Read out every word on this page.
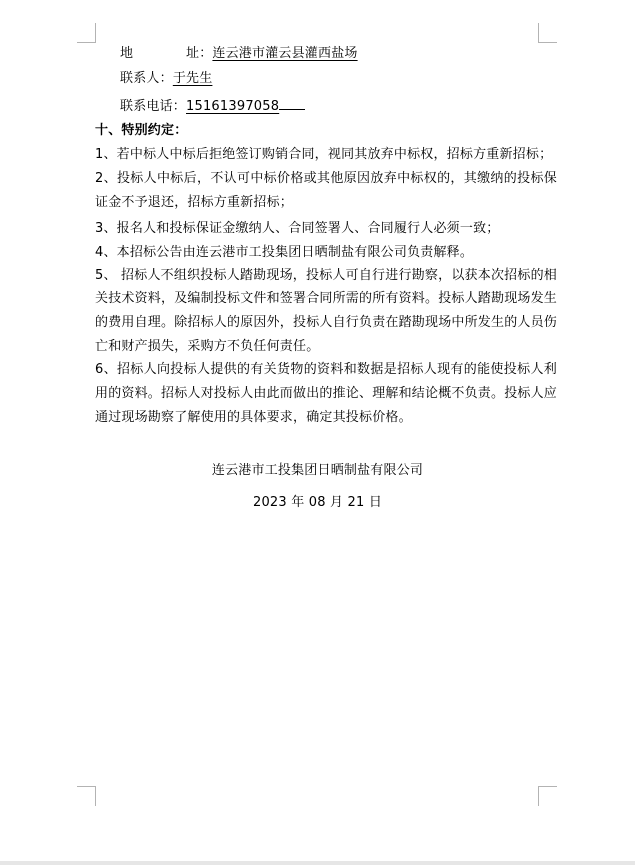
地　　　　址：连云港市灌云县灌西盐场
联系人：于先生
联系电话：15161397058
十、特别约定：
1、若中标人中标后拒绝签订购销合同，视同其放弃中标权，招标方重新招标；
2、投标人中标后，不认可中标价格或其他原因放弃中标权的，其缴纳的投标保
证金不予退还，招标方重新招标；
3、报名人和投标保证金缴纳人、合同签署人、合同履行人必须一致；
4、本招标公告由连云港市工投集团日晒制盐有限公司负责解释。
5、 招标人不组织投标人踏勘现场，投标人可自行进行勘察，以获本次招标的相
关技术资料，及编制投标文件和签署合同所需的所有资料。投标人踏勘现场发生
的费用自理。除招标人的原因外，投标人自行负责在踏勘现场中所发生的人员伤
亡和财产损失，采购方不负任何责任。
6、招标人向投标人提供的有关货物的资料和数据是招标人现有的能使投标人利
用的资料。招标人对投标人由此而做出的推论、理解和结论概不负责。投标人应
通过现场勘察了解使用的具体要求，确定其投标价格。
连云港市工投集团日晒制盐有限公司
2023 年 08 月 21 日
